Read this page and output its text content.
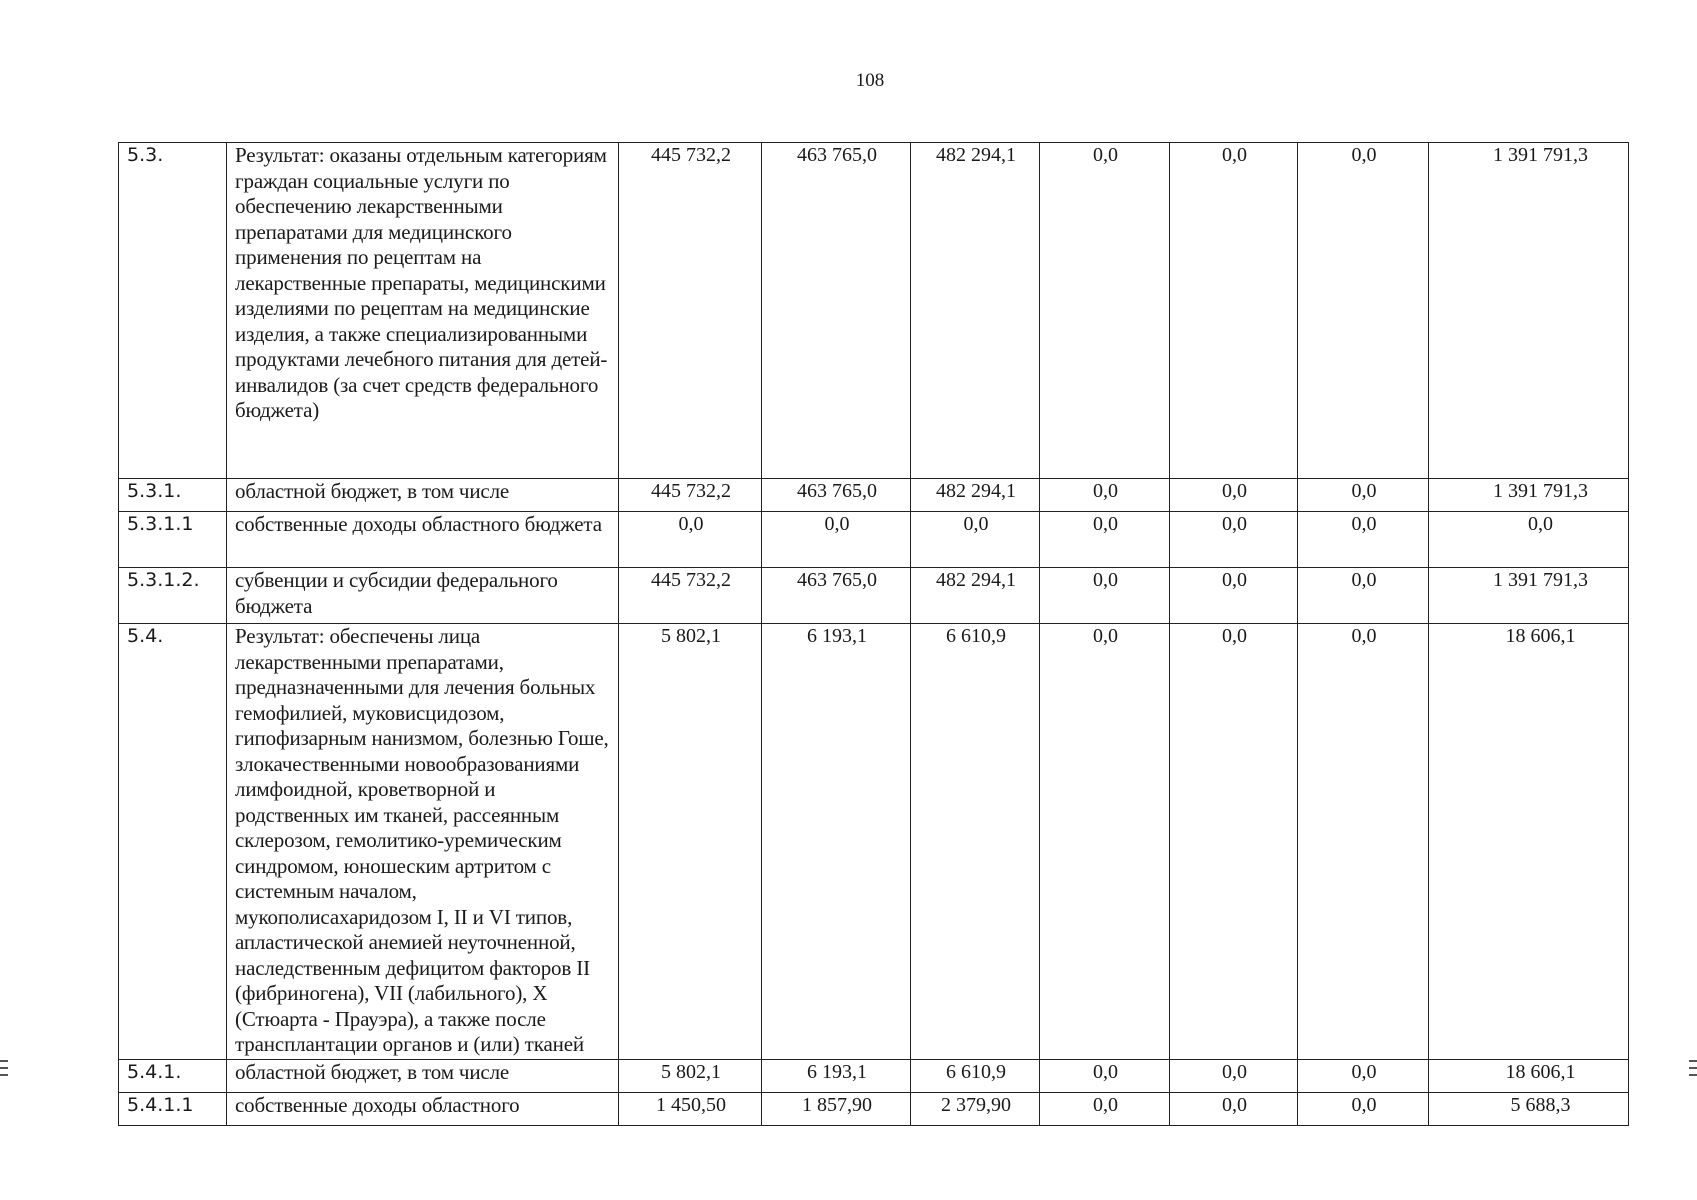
108
5.3.	Результат: оказаны отдельным категориям граждан социальные услуги по обеспечению лекарственными препаратами для медицинского применения по рецептам на лекарственные препараты, медицинскими изделиями по рецептам на медицинские изделия, а также специализированными продуктами лечебного питания для детей-инвалидов (за счет средств федерального бюджета)	445 732,2	463 765,0	482 294,1	0,0	0,0	0,0	1 391 791,3
5.3.1.	областной бюджет, в том числе	445 732,2	463 765,0	482 294,1	0,0	0,0	0,0	1 391 791,3
5.3.1.1	собственные доходы областного бюджета	0,0	0,0	0,0	0,0	0,0	0,0	0,0
5.3.1.2.	субвенции и субсидии федерального бюджета	445 732,2	463 765,0	482 294,1	0,0	0,0	0,0	1 391 791,3
5.4.	Результат: обеспечены лица лекарственными препаратами, предназначенными для лечения больных гемофилией, муковисцидозом, гипофизарным нанизмом, болезнью Гоше, злокачественными новообразованиями лимфоидной, кроветворной и родственных им тканей, рассеянным склерозом, гемолитико-уремическим синдромом, юношеским артритом с системным началом, мукополисахаридозом I, II и VI типов, апластической анемией неуточненной, наследственным дефицитом факторов II (фибриногена), VII (лабильного), X (Стюарта - Прауэра), а также после трансплантации органов и (или) тканей	5 802,1	6 193,1	6 610,9	0,0	0,0	0,0	18 606,1
5.4.1.	областной бюджет, в том числе	5 802,1	6 193,1	6 610,9	0,0	0,0	0,0	18 606,1
5.4.1.1	собственные доходы областного	1 450,50	1 857,90	2 379,90	0,0	0,0	0,0	5 688,3
